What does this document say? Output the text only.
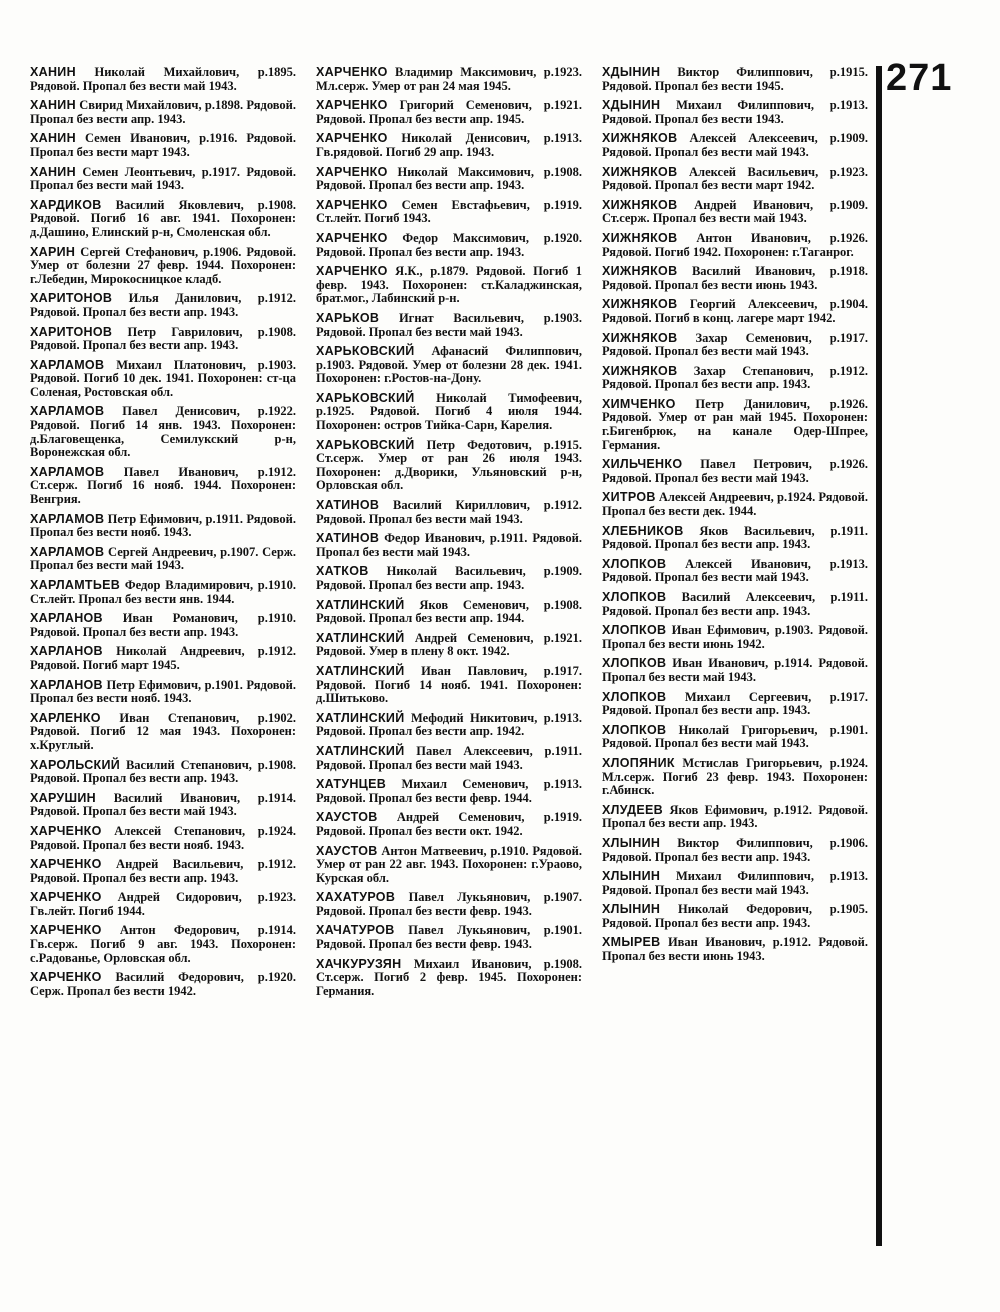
271

ХАНИН Николай Михайлович, р.1895. Рядовой. Пропал без вести май 1943.

ХАНИН Свирид Михайлович, р.1898. Рядовой. Пропал без вести апр. 1943.

ХАНИН Семен Иванович, р.1916. Рядовой. Пропал без вести март 1943.

ХАНИН Семен Леонтьевич, р.1917. Рядовой. Пропал без вести май 1943.

ХАРДИКОВ Василий Яковлевич, р.1908. Рядовой. Погиб 16 авг. 1941. Похоронен: д.Дашино, Елинский р-н, Смоленская обл.

ХАРИН Сергей Стефанович, р.1906. Рядовой. Умер от болезни 27 февр. 1944. Похоронен: г.Лебедин, Мирокосницкое кладб.

ХАРИТОНОВ Илья Данилович, р.1912. Рядовой. Пропал без вести апр. 1943.

ХАРИТОНОВ Петр Гаврилович, р.1908. Рядовой. Пропал без вести апр. 1943.

ХАРЛАМОВ Михаил Платонович, р.1903. Рядовой. Погиб 10 дек. 1941. Похоронен: ст-ца Соленая, Ростовская обл.

ХАРЛАМОВ Павел Денисович, р.1922. Рядовой. Погиб 14 янв. 1943. Похоронен: д.Благовещенка, Семилукский р-н, Воронежская обл.

ХАРЛАМОВ Павел Иванович, р.1912. Ст.серж. Погиб 16 нояб. 1944. Похоронен: Венгрия.

ХАРЛАМОВ Петр Ефимович, р.1911. Рядовой. Пропал без вести нояб. 1943.

ХАРЛАМОВ Сергей Андреевич, р.1907. Серж. Пропал без вести май 1943.

ХАРЛАМТЬЕВ Федор Владимирович, р.1910. Ст.лейт. Пропал без вести янв. 1944.

ХАРЛАНОВ Иван Романович, р.1910. Рядовой. Пропал без вести апр. 1943.

ХАРЛАНОВ Николай Андреевич, р.1912. Рядовой. Погиб март 1945.

ХАРЛАНОВ Петр Ефимович, р.1901. Рядовой. Пропал без вести нояб. 1943.

ХАРЛЕНКО Иван Степанович, р.1902. Рядовой. Погиб 12 мая 1943. Похоронен: х.Круглый.

ХАРОЛЬСКИЙ Василий Степанович, р.1908. Рядовой. Пропал без вести апр. 1943.

ХАРУШИН Василий Иванович, р.1914. Рядовой. Пропал без вести май 1943.

ХАРЧЕНКО Алексей Степанович, р.1924. Рядовой. Пропал без вести нояб. 1943.

ХАРЧЕНКО Андрей Васильевич, р.1912. Рядовой. Пропал без вести апр. 1943.

ХАРЧЕНКО Андрей Сидорович, р.1923. Гв.лейт. Погиб 1944.

ХАРЧЕНКО Антон Федорович, р.1914. Гв.серж. Погиб 9 авг. 1943. Похоронен: с.Радованье, Орловская обл.

ХАРЧЕНКО Василий Федорович, р.1920. Серж. Пропал без вести 1942.

ХАРЧЕНКО Владимир Максимович, р.1923. Мл.серж. Умер от ран 24 мая 1945.

ХАРЧЕНКО Григорий Семенович, р.1921. Рядовой. Пропал без вести апр. 1945.

ХАРЧЕНКО Николай Денисович, р.1913. Гв.рядовой. Погиб 29 апр. 1943.

ХАРЧЕНКО Николай Максимович, р.1908. Рядовой. Пропал без вести апр. 1943.

ХАРЧЕНКО Семен Евстафьевич, р.1919. Ст.лейт. Погиб 1943.

ХАРЧЕНКО Федор Максимович, р.1920. Рядовой. Пропал без вести апр. 1943.

ХАРЧЕНКО Я.К., р.1879. Рядовой. Погиб 1 февр. 1943. Похоронен: ст.Каладжинская, брат.мог., Лабинский р-н.

ХАРЬКОВ Игнат Васильевич, р.1903. Рядовой. Пропал без вести май 1943.

ХАРЬКОВСКИЙ Афанасий Филиппович, р.1903. Рядовой. Умер от болезни 28 дек. 1941. Похоронен: г.Ростов-на-Дону.

ХАРЬКОВСКИЙ Николай Тимофеевич, р.1925. Рядовой. Погиб 4 июля 1944. Похоронен: остров Тийка-Сарн, Карелия.

ХАРЬКОВСКИЙ Петр Федотович, р.1915. Ст.серж. Умер от ран 26 июля 1943. Похоронен: д.Дворики, Ульяновский р-н, Орловская обл.

ХАТИНОВ Василий Кириллович, р.1912. Рядовой. Пропал без вести май 1943.

ХАТИНОВ Федор Иванович, р.1911. Рядовой. Пропал без вести май 1943.

ХАТКОВ Николай Васильевич, р.1909. Рядовой. Пропал без вести апр. 1943.

ХАТЛИНСКИЙ Яков Семенович, р.1908. Рядовой. Пропал без вести апр. 1944.

ХАТЛИНСКИЙ Андрей Семенович, р.1921. Рядовой. Умер в плену 8 окт. 1942.

ХАТЛИНСКИЙ Иван Павлович, р.1917. Рядовой. Погиб 14 нояб. 1941. Похоронен: д.Шитьково.

ХАТЛИНСКИЙ Мефодий Никитович, р.1913. Рядовой. Пропал без вести апр. 1942.

ХАТЛИНСКИЙ Павел Алексеевич, р.1911. Рядовой. Пропал без вести май 1943.

ХАТУНЦЕВ Михаил Семенович, р.1913. Рядовой. Пропал без вести февр. 1944.

ХАУСТОВ Андрей Семенович, р.1919. Рядовой. Пропал без вести окт. 1942.

ХАУСТОВ Антон Матвеевич, р.1910. Рядовой. Умер от ран 22 авг. 1943. Похоронен: г.Ураово, Курская обл.

ХАХАТУРОВ Павел Лукьянович, р.1907. Рядовой. Пропал без вести февр. 1943.

ХАЧАТУРОВ Павел Лукьянович, р.1901. Рядовой. Пропал без вести февр. 1943.

ХАЧКУРУЗЯН Михаил Иванович, р.1908. Ст.серж. Погиб 2 февр. 1945. Похоронен: Германия.

ХДЫНИН Виктор Филиппович, р.1915. Рядовой. Пропал без вести 1945.

ХДЫНИН Михаил Филиппович, р.1913. Рядовой. Пропал без вести 1943.

ХИЖНЯКОВ Алексей Алексеевич, р.1909. Рядовой. Пропал без вести май 1943.

ХИЖНЯКОВ Алексей Васильевич, р.1923. Рядовой. Пропал без вести март 1942.

ХИЖНЯКОВ Андрей Иванович, р.1909. Ст.серж. Пропал без вести май 1943.

ХИЖНЯКОВ Антон Иванович, р.1926. Рядовой. Погиб 1942. Похоронен: г.Таганрог.

ХИЖНЯКОВ Василий Иванович, р.1918. Рядовой. Пропал без вести июнь 1943.

ХИЖНЯКОВ Георгий Алексеевич, р.1904. Рядовой. Погиб в конц. лагере март 1942.

ХИЖНЯКОВ Захар Семенович, р.1917. Рядовой. Пропал без вести май 1943.

ХИЖНЯКОВ Захар Степанович, р.1912. Рядовой. Пропал без вести апр. 1943.

ХИМЧЕНКО Петр Данилович, р.1926. Рядовой. Умер от ран май 1945. Похоронен: г.Бигенбрюк, на канале Одер-Шпрее, Германия.

ХИЛЬЧЕНКО Павел Петрович, р.1926. Рядовой. Пропал без вести май 1943.

ХИТРОВ Алексей Андреевич, р.1924. Рядовой. Пропал без вести дек. 1944.

ХЛЕБНИКОВ Яков Васильевич, р.1911. Рядовой. Пропал без вести апр. 1943.

ХЛОПКОВ Алексей Иванович, р.1913. Рядовой. Пропал без вести май 1943.

ХЛОПКОВ Василий Алексеевич, р.1911. Рядовой. Пропал без вести апр. 1943.

ХЛОПКОВ Иван Ефимович, р.1903. Рядовой. Пропал без вести июнь 1942.

ХЛОПКОВ Иван Иванович, р.1914. Рядовой. Пропал без вести май 1943.

ХЛОПКОВ Михаил Сергеевич, р.1917. Рядовой. Пропал без вести апр. 1943.

ХЛОПКОВ Николай Григорьевич, р.1901. Рядовой. Пропал без вести май 1943.

ХЛОПЯНИК Мстислав Григорьевич, р.1924. Мл.серж. Погиб 23 февр. 1943. Похоронен: г.Абинск.

ХЛУДЕЕВ Яков Ефимович, р.1912. Рядовой. Пропал без вести апр. 1943.

ХЛЫНИН Виктор Филиппович, р.1906. Рядовой. Пропал без вести апр. 1943.

ХЛЫНИН Михаил Филиппович, р.1913. Рядовой. Пропал без вести май 1943.

ХЛЫНИН Николай Федорович, р.1905. Рядовой. Пропал без вести апр. 1943.

ХМЫРЕВ Иван Иванович, р.1912. Рядовой. Пропал без вести июнь 1943.
